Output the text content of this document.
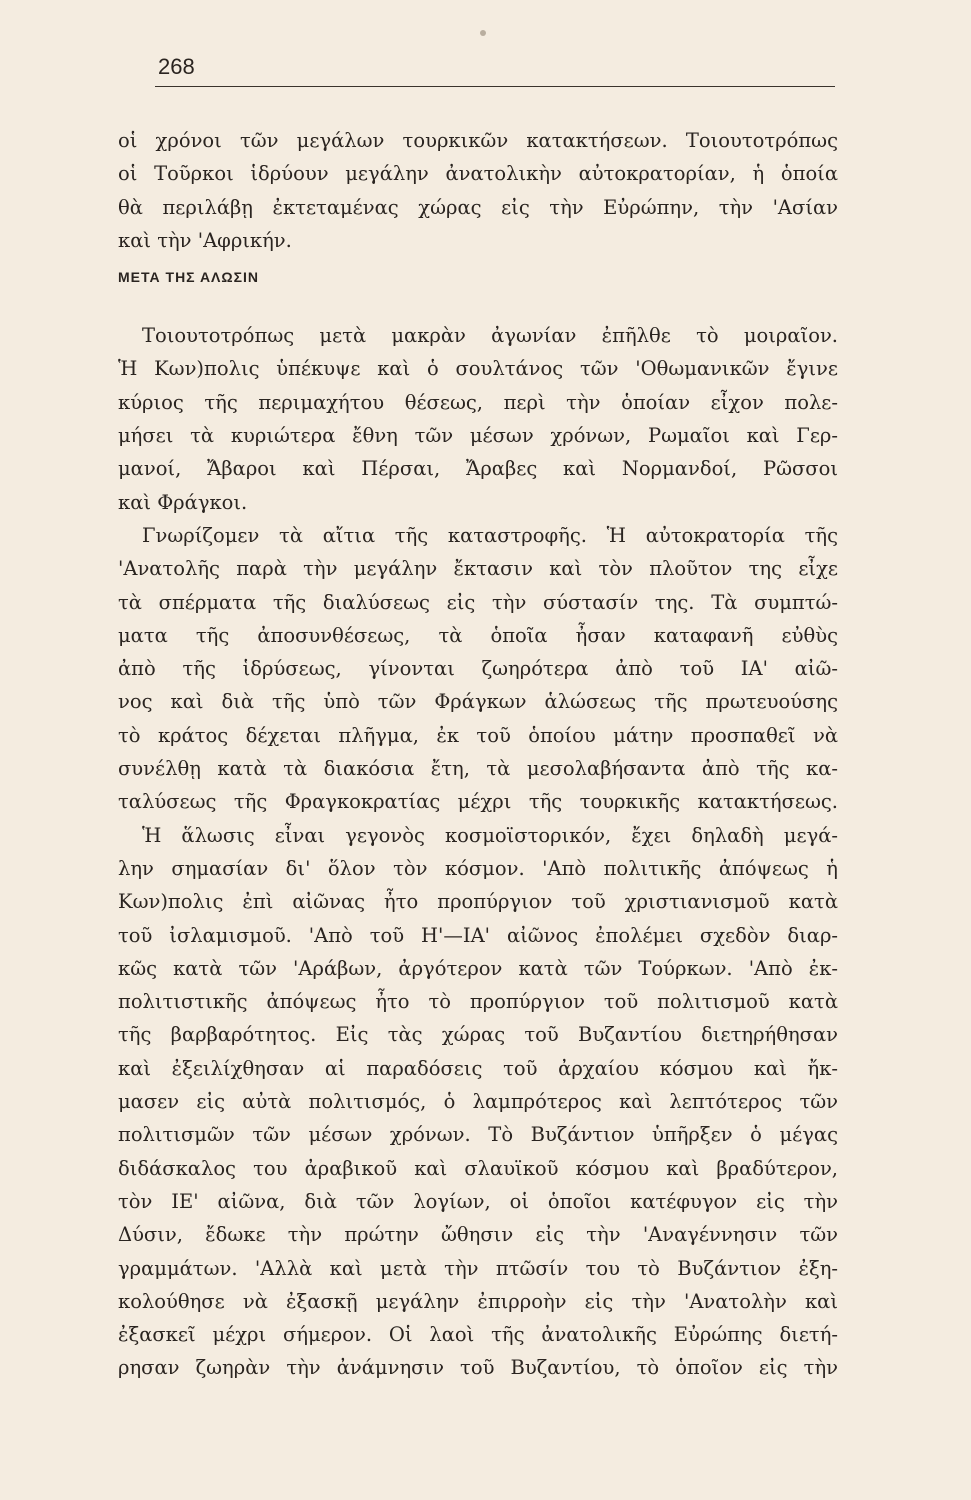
268
οἱ χρόνοι τῶν μεγάλων τουρκικῶν κατακτήσεων. Τοιουτοτρόπως
οἱ Τοῦρκοι ἱδρύουν μεγάλην ἀνατολικὴν αὐτοκρατορίαν, ἡ ὁποία
θὰ περιλάβῃ ἐκτεταμένας χώρας εἰς τὴν Εὐρώπην, τὴν 'Ασίαν
καὶ τὴν 'Αφρικήν.
ΜΕΤΑ ΤΗΣ ΑΛΩΣΙΝ
Τοιουτοτρόπως μετὰ μακρὰν ἀγωνίαν ἐπῆλθε τὸ μοιραῖον.
Ἡ Κων)πολις ὑπέκυψε καὶ ὁ σουλτάνος τῶν 'Οθωμανικῶν ἔγινε
κύριος τῆς περιμαχήτου θέσεως, περὶ τὴν ὁποίαν εἶχον πολε-
μήσει τὰ κυριώτερα ἔθνη τῶν μέσων χρόνων, Ρωμαῖοι καὶ Γερ-
μανοί, Ἄβαροι καὶ Πέρσαι, Ἄραβες καὶ Νορμανδοί, Ρῶσσοι
καὶ Φράγκοι.
Γνωρίζομεν τὰ αἴτια τῆς καταστροφῆς. Ἡ αὐτοκρατορία τῆς
'Ανατολῆς παρὰ τὴν μεγάλην ἔκτασιν καὶ τὸν πλοῦτον της εἶχε
τὰ σπέρματα τῆς διαλύσεως εἰς τὴν σύστασίν της. Τὰ συμπτώ-
ματα τῆς ἀποσυνθέσεως, τὰ ὁποῖα ἦσαν καταφανῆ εὐθὺς
ἀπὸ τῆς ἱδρύσεως, γίνονται ζωηρότερα ἀπὸ τοῦ ΙΑ' αἰῶ-
νος καὶ διὰ τῆς ὑπὸ τῶν Φράγκων ἁλώσεως τῆς πρωτευούσης
τὸ κράτος δέχεται πλῆγμα, ἐκ τοῦ ὁποίου μάτην προσπαθεῖ νὰ
συνέλθῃ κατὰ τὰ διακόσια ἔτη, τὰ μεσολαβήσαντα ἀπὸ τῆς κα-
ταλύσεως τῆς Φραγκοκρατίας μέχρι τῆς τουρκικῆς κατακτήσεως.
Ἡ ἅλωσις εἶναι γεγονὸς κοσμοϊστορικόν, ἔχει δηλαδὴ μεγά-
λην σημασίαν δι' ὅλον τὸν κόσμον. 'Απὸ πολιτικῆς ἀπόψεως ἡ
Κων)πολις ἐπὶ αἰῶνας ἦτο προπύργιον τοῦ χριστιανισμοῦ κατὰ
τοῦ ἰσλαμισμοῦ. 'Απὸ τοῦ Η'—ΙΑ' αἰῶνος ἐπολέμει σχεδὸν διαρ-
κῶς κατὰ τῶν 'Αράβων, ἀργότερον κατὰ τῶν Τούρκων. 'Απὸ ἐκ-
πολιτιστικῆς ἀπόψεως ἦτο τὸ προπύργιον τοῦ πολιτισμοῦ κατὰ
τῆς βαρβαρότητος. Εἰς τὰς χώρας τοῦ Βυζαντίου διετηρήθησαν
καὶ ἐξειλίχθησαν αἱ παραδόσεις τοῦ ἀρχαίου κόσμου καὶ ἤκ-
μασεν εἰς αὐτὰ πολιτισμός, ὁ λαμπρότερος καὶ λεπτότερος τῶν
πολιτισμῶν τῶν μέσων χρόνων. Τὸ Βυζάντιον ὑπῆρξεν ὁ μέγας
διδάσκαλος του ἀραβικοῦ καὶ σλαυϊκοῦ κόσμου καὶ βραδύτερον,
τὸν ΙΕ' αἰῶνα, διὰ τῶν λογίων, οἱ ὁποῖοι κατέφυγον εἰς τὴν
Δύσιν, ἔδωκε τὴν πρώτην ὤθησιν εἰς τὴν 'Αναγέννησιν τῶν
γραμμάτων. 'Αλλὰ καὶ μετὰ τὴν πτῶσίν του τὸ Βυζάντιον ἐξη-
κολούθησε νὰ ἐξασκῇ μεγάλην ἐπιρροὴν εἰς τὴν 'Ανατολὴν καὶ
ἐξασκεῖ μέχρι σήμερον. Οἱ λαοὶ τῆς ἀνατολικῆς Εὐρώπης διετή-
ρησαν ζωηρὰν τὴν ἀνάμνησιν τοῦ Βυζαντίου, τὸ ὁποῖον εἰς τὴν
